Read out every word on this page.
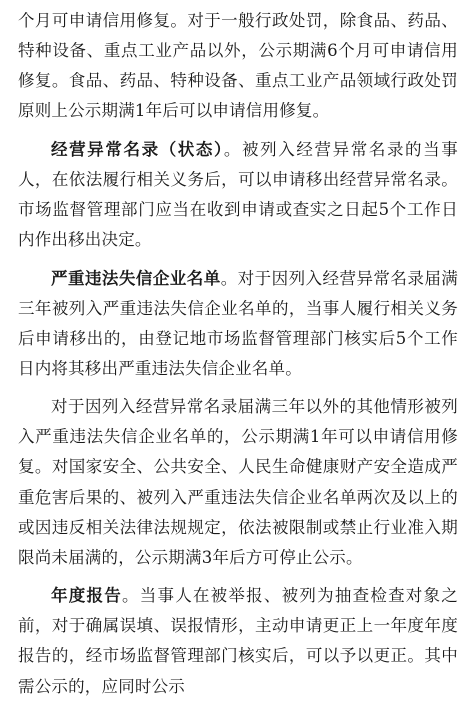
个月可申请信用修复。对于一般行政处罚，除食品、药品、特种设备、重点工业产品以外，公示期满6个月可申请信用修复。食品、药品、特种设备、重点工业产品领域行政处罚原则上公示期满1年后可以申请信用修复。

经营异常名录（状态）。被列入经营异常名录的当事人，在依法履行相关义务后，可以申请移出经营异常名录。市场监督管理部门应当在收到申请或查实之日起5个工作日内作出移出决定。

严重违法失信企业名单。对于因列入经营异常名录届满三年被列入严重违法失信企业名单的，当事人履行相关义务后申请移出的，由登记地市场监督管理部门核实后5个工作日内将其移出严重违法失信企业名单。

对于因列入经营异常名录届满三年以外的其他情形被列入严重违法失信企业名单的，公示期满1年可以申请信用修复。对国家安全、公共安全、人民生命健康财产安全造成严重危害后果的、被列入严重违法失信企业名单两次及以上的或因违反相关法律法规规定，依法被限制或禁止行业准入期限尚未届满的，公示期满3年后方可停止公示。

年度报告。当事人在被举报、被列为抽查检查对象之前，对于确属误填、误报情形，主动申请更正上一年度年度报告的，经市场监督管理部门核实后，可以予以更正。其中需公示的，应同时公示
